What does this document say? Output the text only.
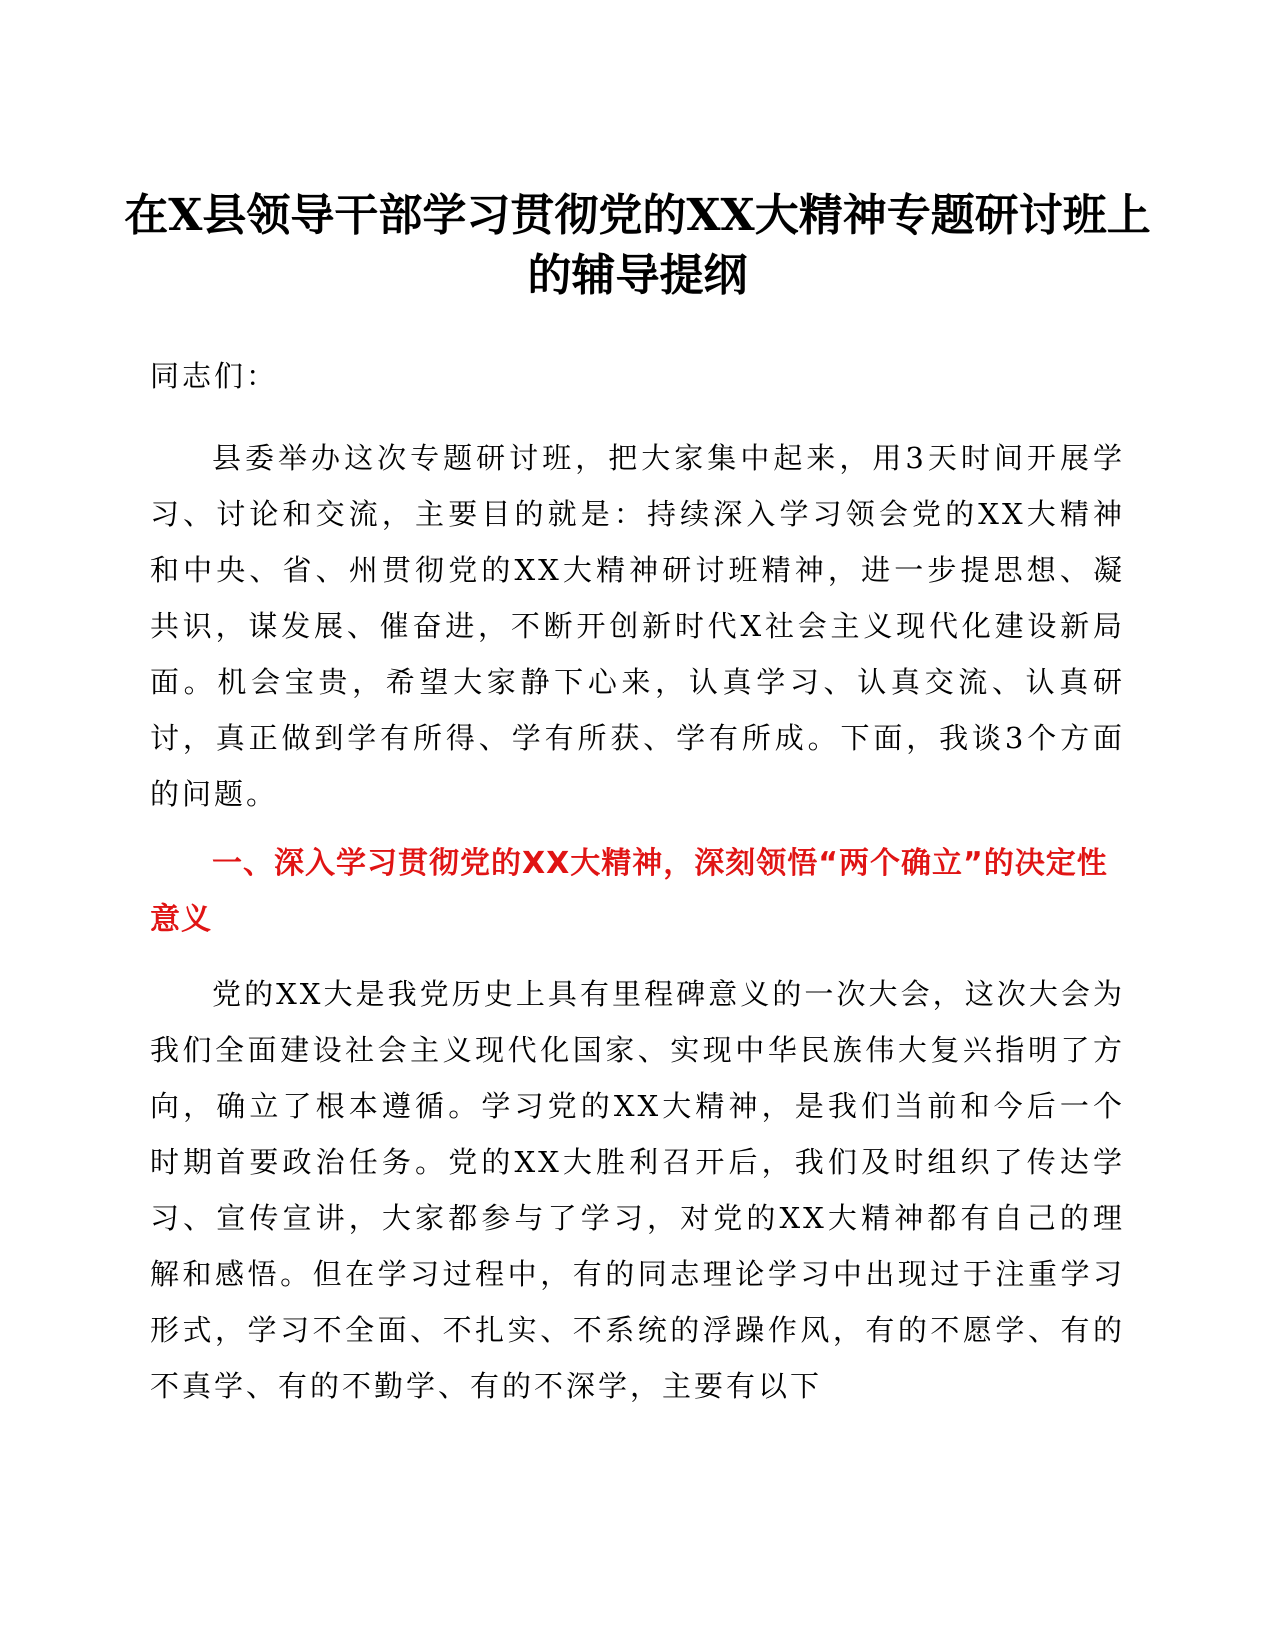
在X县领导干部学习贯彻党的XX大精神专题研讨班上的辅导提纲

同志们：

县委举办这次专题研讨班，把大家集中起来，用3天时间开展学习、讨论和交流，主要目的就是：持续深入学习领会党的XX大精神和中央、省、州贯彻党的XX大精神研讨班精神，进一步提思想、凝共识，谋发展、催奋进，不断开创新时代X社会主义现代化建设新局面。机会宝贵，希望大家静下心来，认真学习、认真交流、认真研讨，真正做到学有所得、学有所获、学有所成。下面，我谈3个方面的问题。

一、深入学习贯彻党的XX大精神，深刻领悟“两个确立”的决定性意义

党的XX大是我党历史上具有里程碑意义的一次大会，这次大会为我们全面建设社会主义现代化国家、实现中华民族伟大复兴指明了方向，确立了根本遵循。学习党的XX大精神，是我们当前和今后一个时期首要政治任务。党的XX大胜利召开后，我们及时组织了传达学习、宣传宣讲，大家都参与了学习，对党的XX大精神都有自己的理解和感悟。但在学习过程中，有的同志理论学习中出现过于注重学习形式，学习不全面、不扎实、不系统的浮躁作风，有的不愿学、有的不真学、有的不勤学、有的不深学，主要有以下
